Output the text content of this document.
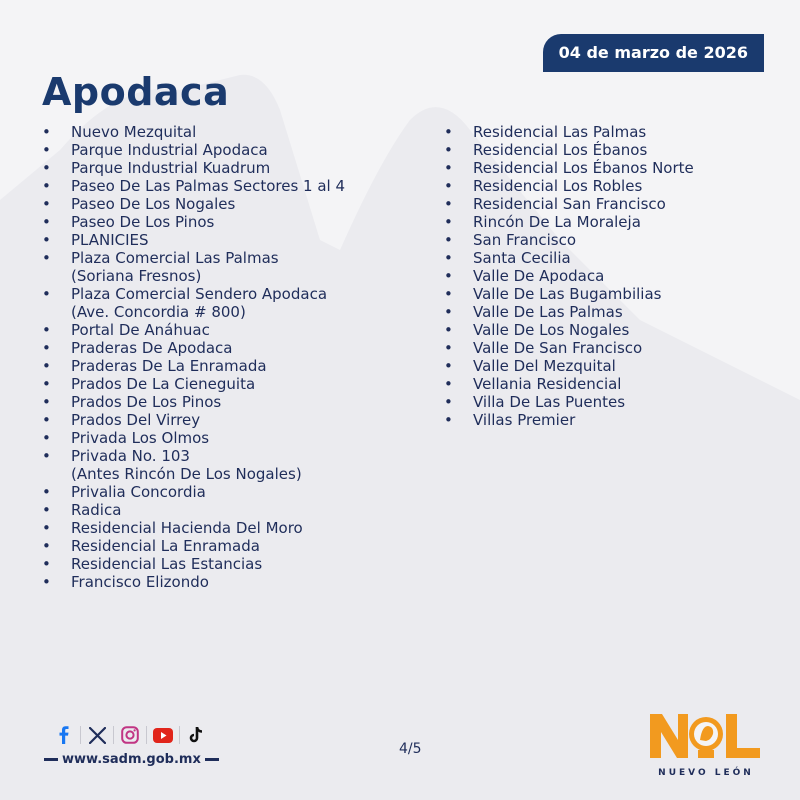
04 de marzo de 2026
Apodaca
• Nuevo Mezquital
• Parque Industrial Apodaca
• Parque Industrial Kuadrum
• Paseo De Las Palmas Sectores 1 al 4
• Paseo De Los Nogales
• Paseo De Los Pinos
• PLANICIES
• Plaza Comercial Las Palmas
(Soriana Fresnos)
• Plaza Comercial Sendero Apodaca
(Ave. Concordia # 800)
• Portal De Anáhuac
• Praderas De Apodaca
• Praderas De La Enramada
• Prados De La Cieneguita
• Prados De Los Pinos
• Prados Del Virrey
• Privada Los Olmos
• Privada No. 103
(Antes Rincón De Los Nogales)
• Privalia Concordia
• Radica
• Residencial Hacienda Del Moro
• Residencial La Enramada
• Residencial Las Estancias
• Francisco Elizondo
• Residencial Las Palmas
• Residencial Los Ébanos
• Residencial Los Ébanos Norte
• Residencial Los Robles
• Residencial San Francisco
• Rincón De La Moraleja
• San Francisco
• Santa Cecilia
• Valle De Apodaca
• Valle De Las Bugambilias
• Valle De Las Palmas
• Valle De Los Nogales
• Valle De San Francisco
• Valle Del Mezquital
• Vellania Residencial
• Villa De Las Puentes
• Villas Premier
www.sadm.gob.mx
4/5
NUEVO LEÓN
